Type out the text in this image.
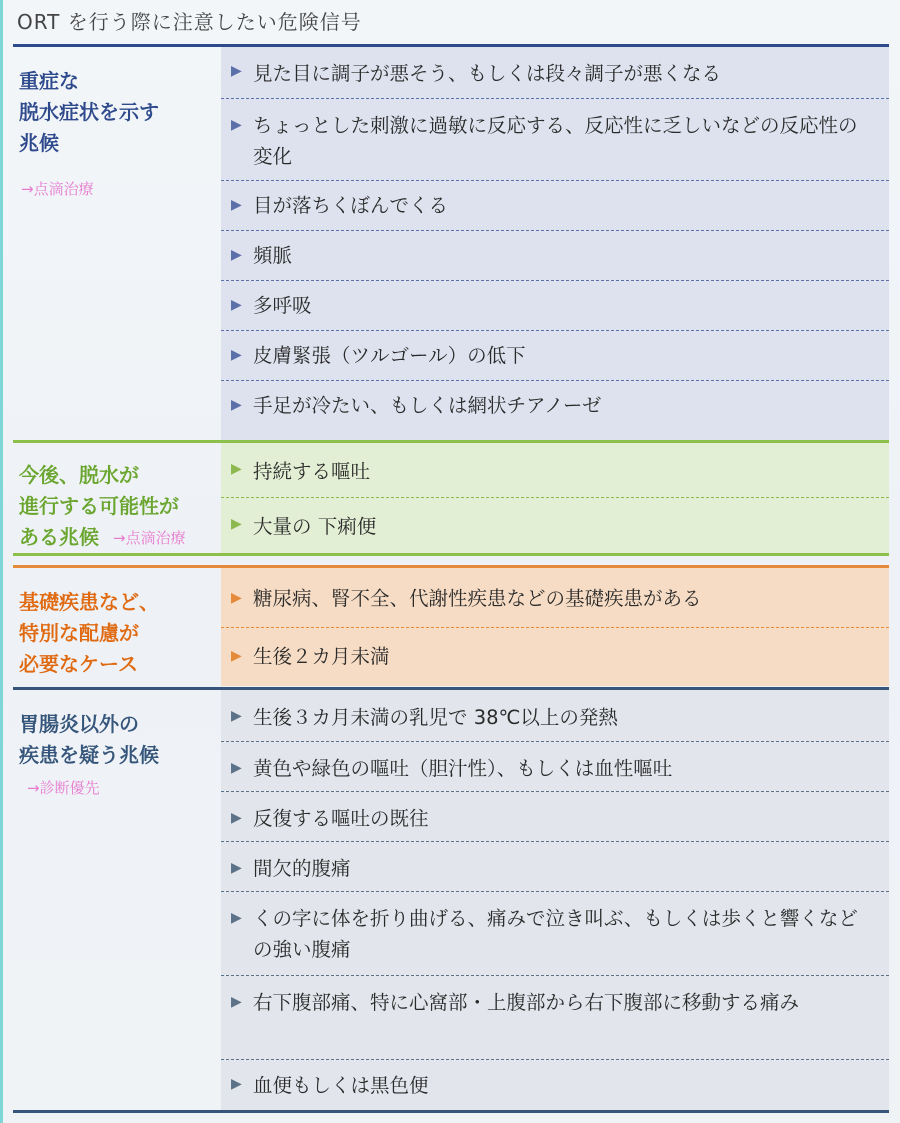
ORT を行う際に注意したい危険信号
重症な
脱水症状を示す
兆候
→点滴治療
▶ 見た目に調子が悪そう、もしくは段々調子が悪くなる
▶ ちょっとした刺激に過敏に反応する、反応性に乏しいなどの反応性の変化
▶ 目が落ちくぼんでくる
▶ 頻脈
▶ 多呼吸
▶ 皮膚緊張（ツルゴール）の低下
▶ 手足が冷たい、もしくは網状チアノーゼ
今後、脱水が
進行する可能性が
ある兆候 →点滴治療
▶ 持続する嘔吐
▶ 大量の 下痢便
基礎疾患など、
特別な配慮が
必要なケース
▶ 糖尿病、腎不全、代謝性疾患などの基礎疾患がある
▶ 生後２カ月未満
胃腸炎以外の
疾患を疑う兆候
→診断優先
▶ 生後３カ月未満の乳児で 38℃以上の発熱
▶ 黄色や緑色の嘔吐（胆汁性）、もしくは血性嘔吐
▶ 反復する嘔吐の既往
▶ 間欠的腹痛
▶ くの字に体を折り曲げる、痛みで泣き叫ぶ、もしくは歩くと響くなどの強い腹痛
▶ 右下腹部痛、特に心窩部・上腹部から右下腹部に移動する痛み
▶ 血便もしくは黒色便
